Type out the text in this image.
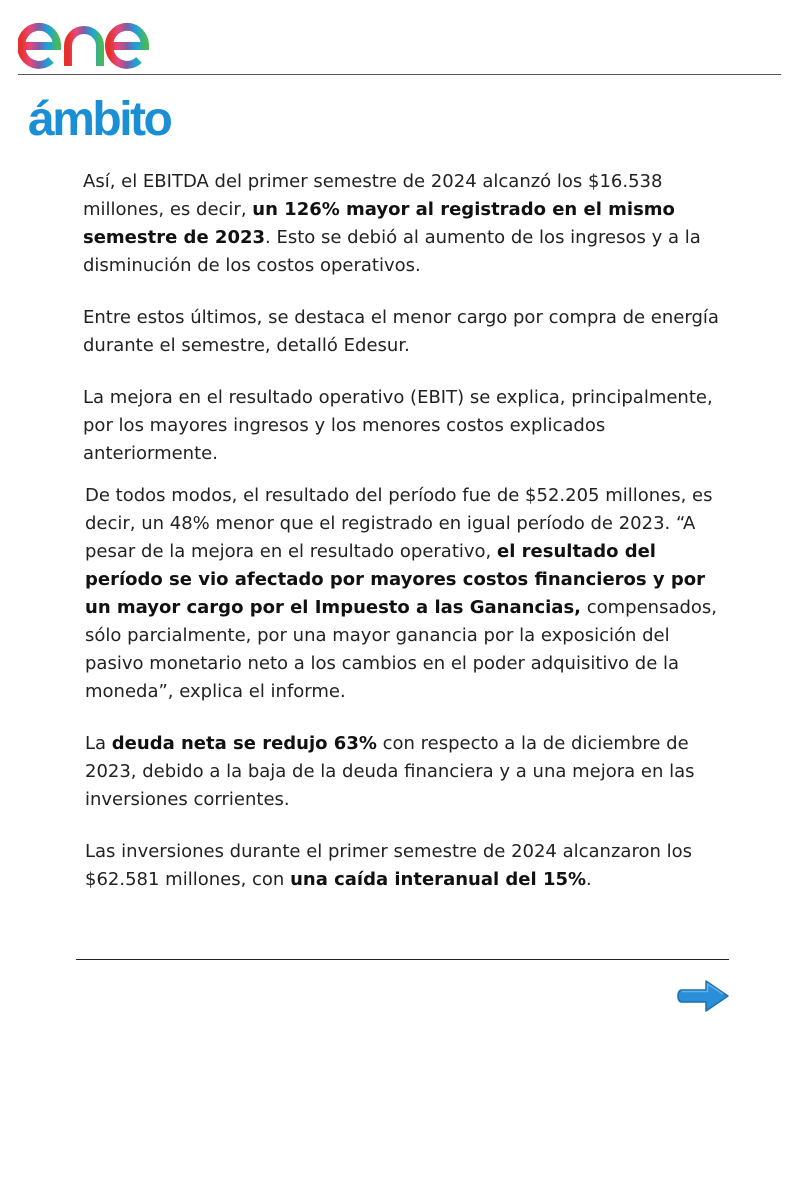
ámbito

Así, el EBITDA del primer semestre de 2024 alcanzó los $16.538 millones, es decir, un 126% mayor al registrado en el mismo semestre de 2023. Esto se debió al aumento de los ingresos y a la disminución de los costos operativos.

Entre estos últimos, se destaca el menor cargo por compra de energía durante el semestre, detalló Edesur.

La mejora en el resultado operativo (EBIT) se explica, principalmente, por los mayores ingresos y los menores costos explicados anteriormente.

De todos modos, el resultado del período fue de $52.205 millones, es decir, un 48% menor que el registrado en igual período de 2023. “A pesar de la mejora en el resultado operativo, el resultado del período se vio afectado por mayores costos financieros y por un mayor cargo por el Impuesto a las Ganancias, compensados, sólo parcialmente, por una mayor ganancia por la exposición del pasivo monetario neto a los cambios en el poder adquisitivo de la moneda”, explica el informe.

La deuda neta se redujo 63% con respecto a la de diciembre de 2023, debido a la baja de la deuda financiera y a una mejora en las inversiones corrientes.

Las inversiones durante el primer semestre de 2024 alcanzaron los $62.581 millones, con una caída interanual del 15%.
